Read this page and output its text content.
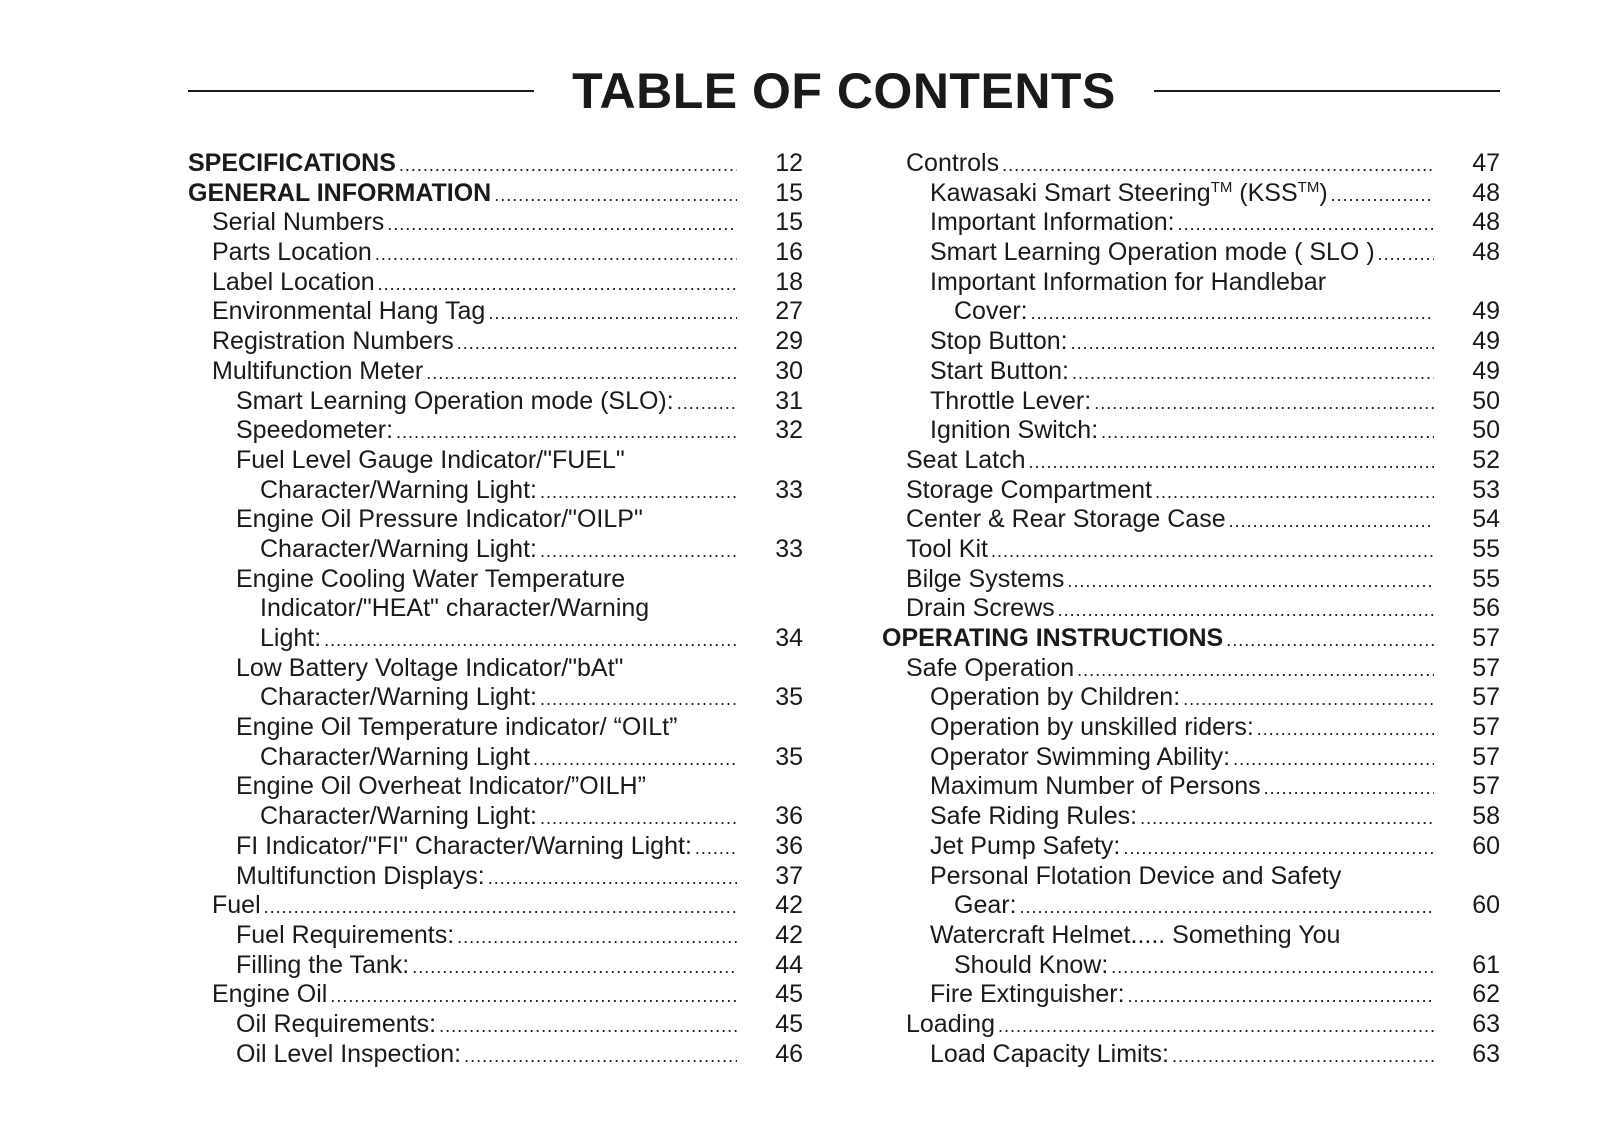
TABLE OF CONTENTS
SPECIFICATIONS .....	12
GENERAL INFORMATION .....	15
Serial Numbers .....	15
Parts Location .....	16
Label Location .....	18
Environmental Hang Tag .....	27
Registration Numbers .....	29
Multifunction Meter .....	30
Smart Learning Operation mode (SLO): .....	31
Speedometer: .....	32
Fuel Level Gauge Indicator/"FUEL"
Character/Warning Light: .....	33
Engine Oil Pressure Indicator/"OILP"
Character/Warning Light: .....	33
Engine Cooling Water Temperature
Indicator/"HEAt" character/Warning
Light: .....	34
Low Battery Voltage Indicator/"bAt"
Character/Warning Light: .....	35
Engine Oil Temperature indicator/ “OILt”
Character/Warning Light .....	35
Engine Oil Overheat Indicator/”OILH”
Character/Warning Light: .....	36
FI Indicator/"FI" Character/Warning Light: .....	36
Multifunction Displays: .....	37
Fuel .....	42
Fuel Requirements: .....	42
Filling the Tank: .....	44
Engine Oil .....	45
Oil Requirements: .....	45
Oil Level Inspection: .....	46
Controls .....	47
Kawasaki Smart Steering™ (KSS™) .....	48
Important Information: .....	48
Smart Learning Operation mode ( SLO ) .....	48
Important Information for Handlebar
Cover: .....	49
Stop Button: .....	49
Start Button: .....	49
Throttle Lever: .....	50
Ignition Switch: .....	50
Seat Latch .....	52
Storage Compartment .....	53
Center & Rear Storage Case .....	54
Tool Kit .....	55
Bilge Systems .....	55
Drain Screws .....	56
OPERATING INSTRUCTIONS .....	57
Safe Operation .....	57
Operation by Children: .....	57
Operation by unskilled riders: .....	57
Operator Swimming Ability: .....	57
Maximum Number of Persons .....	57
Safe Riding Rules: .....	58
Jet Pump Safety: .....	60
Personal Flotation Device and Safety
Gear: .....	60
Watercraft Helmet..... Something You
Should Know: .....	61
Fire Extinguisher: .....	62
Loading .....	63
Load Capacity Limits: .....	63
